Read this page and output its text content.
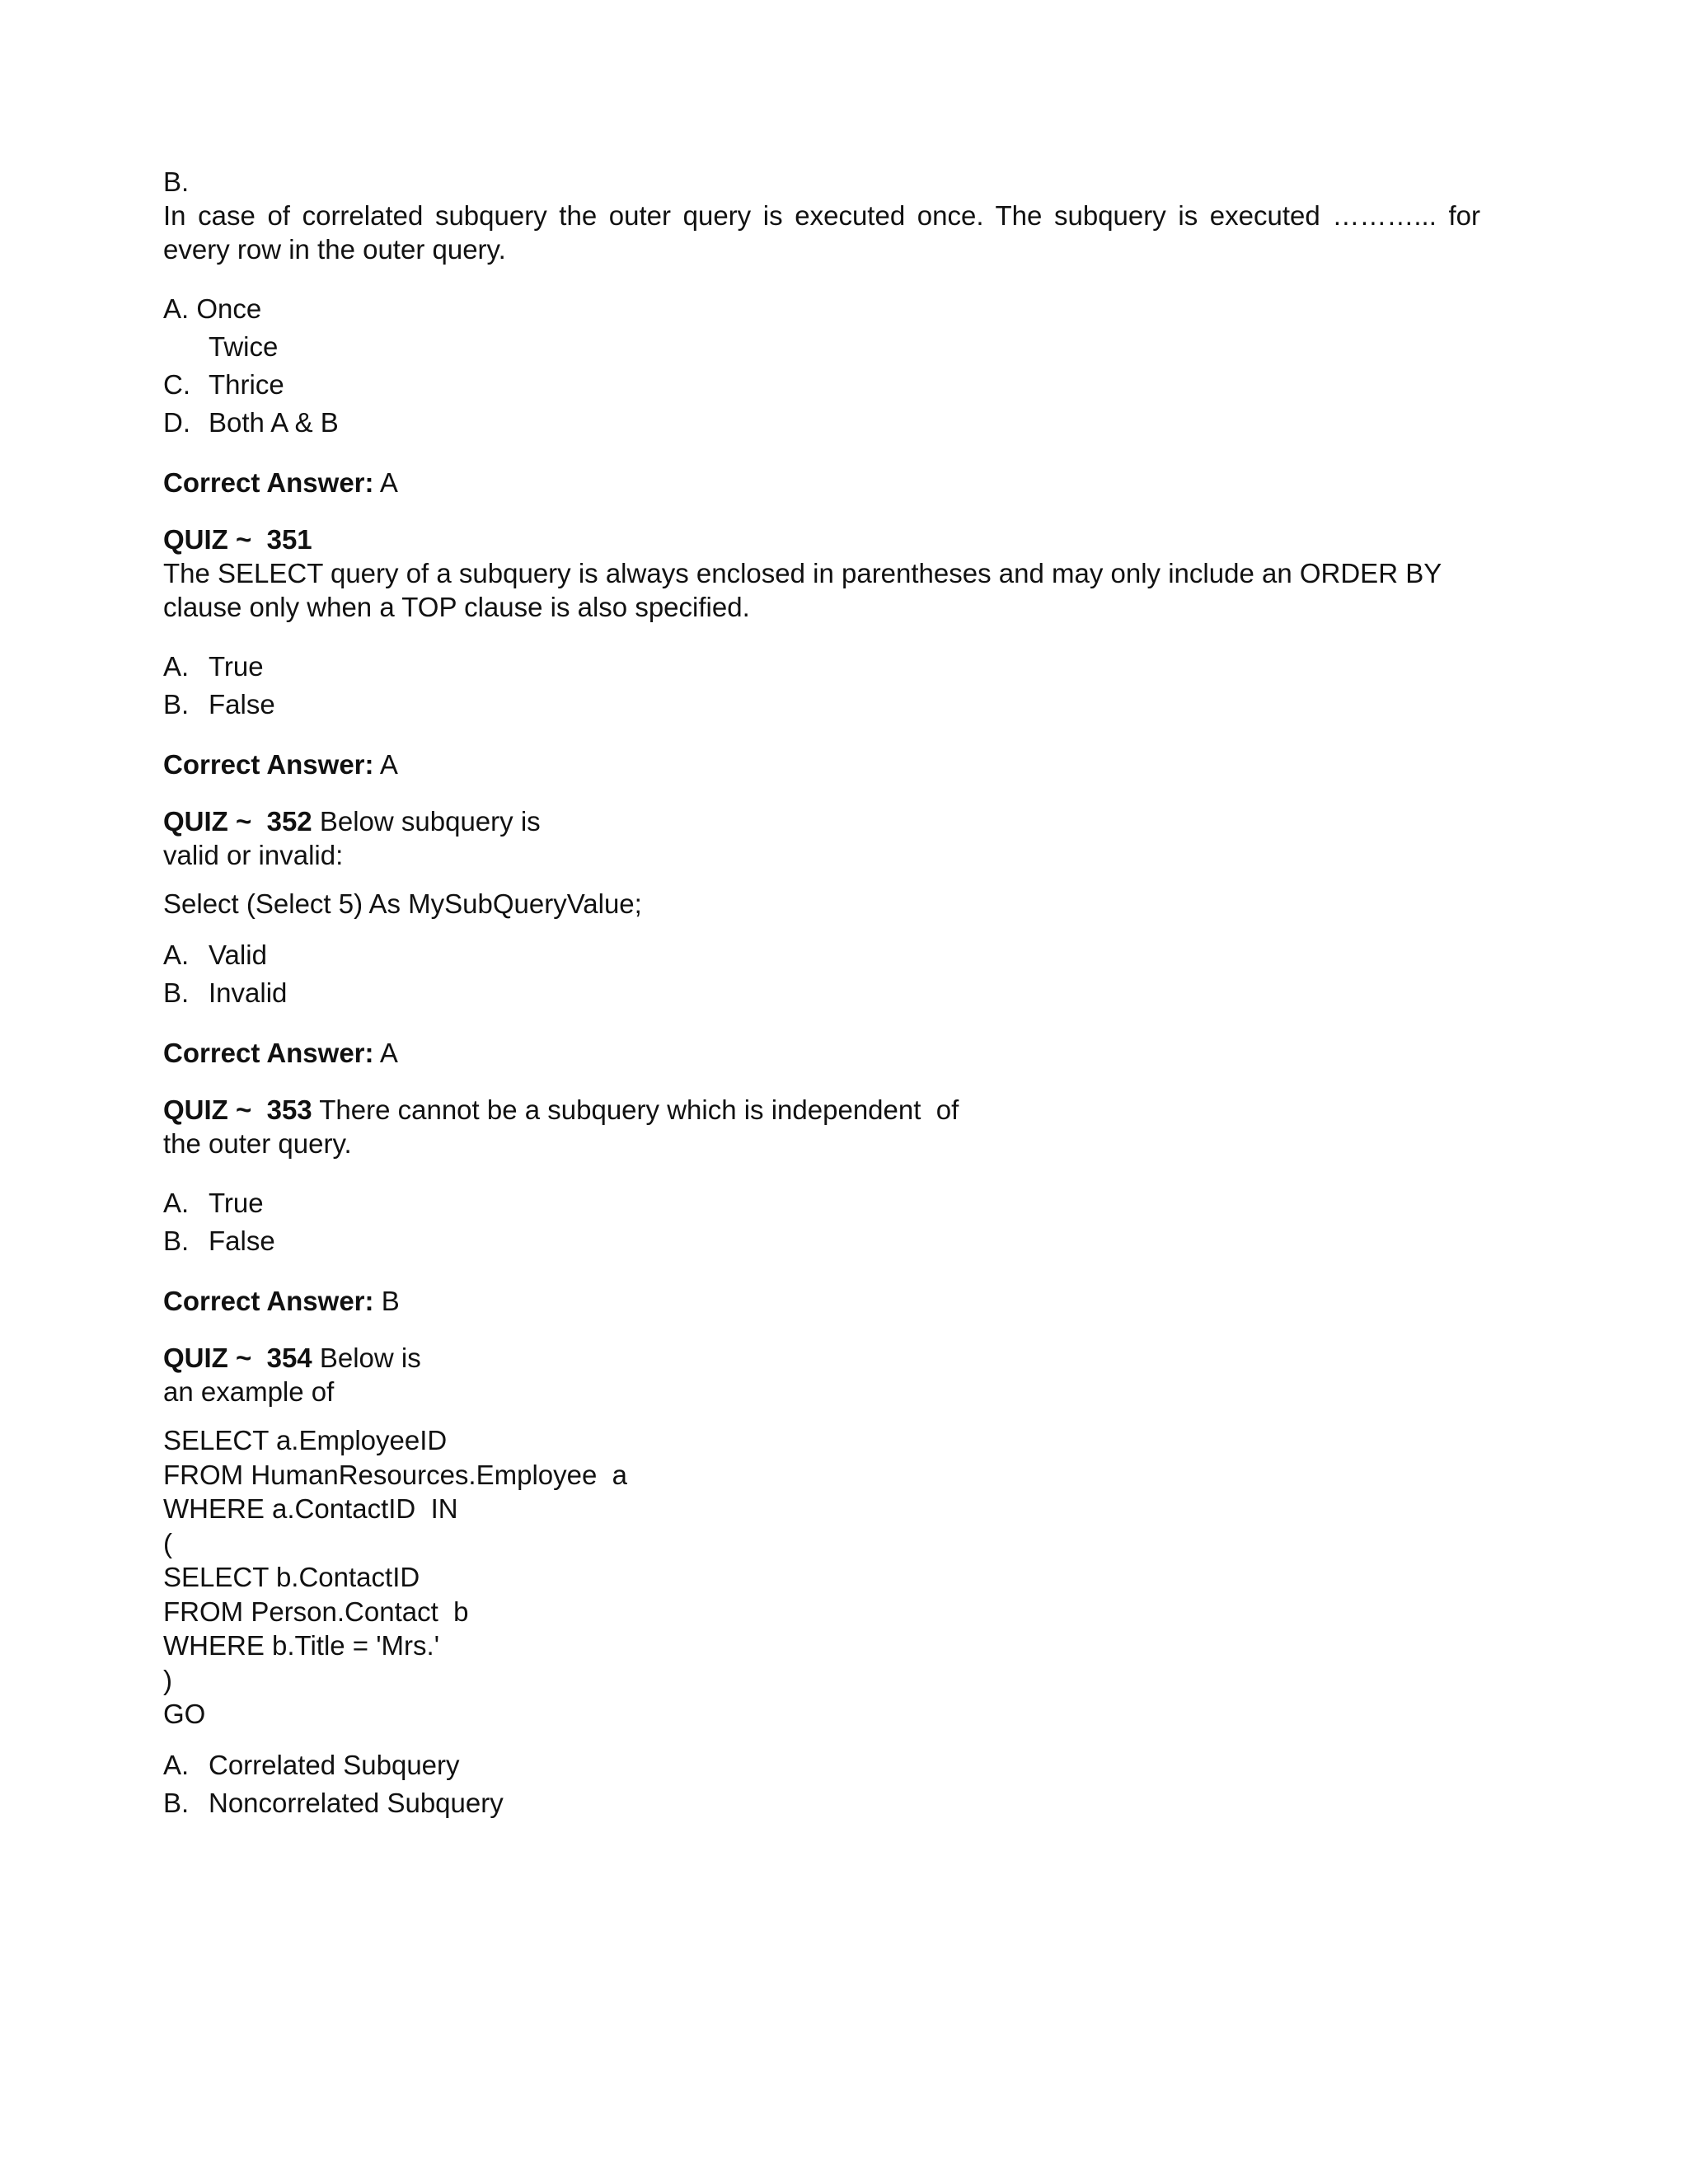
B.
In case of correlated subquery the outer query is executed once. The subquery is executed ………... for every row in the outer query.
A.
Once
Twice
C. Thrice
D. Both A & B
Correct Answer: A
QUIZ ~  351
The SELECT query of a subquery is always enclosed in parentheses and may only include an ORDER BY clause only when a TOP clause is also specified.
A. True
B. False
Correct Answer: A
QUIZ ~  352 Below subquery is
valid or invalid:
Select (Select 5) As MySubQueryValue;
A. Valid
B. Invalid
Correct Answer: A
QUIZ ~  353 There cannot be a subquery which is independent  of
the outer query.
A. True
B. False
Correct Answer: B
QUIZ ~  354 Below is
an example of
SELECT a.EmployeeID
FROM HumanResources.Employee  a
WHERE a.ContactID  IN
(
SELECT b.ContactID
FROM Person.Contact  b
WHERE b.Title = 'Mrs.'
)
GO
A. Correlated Subquery
B. Noncorrelated Subquery
